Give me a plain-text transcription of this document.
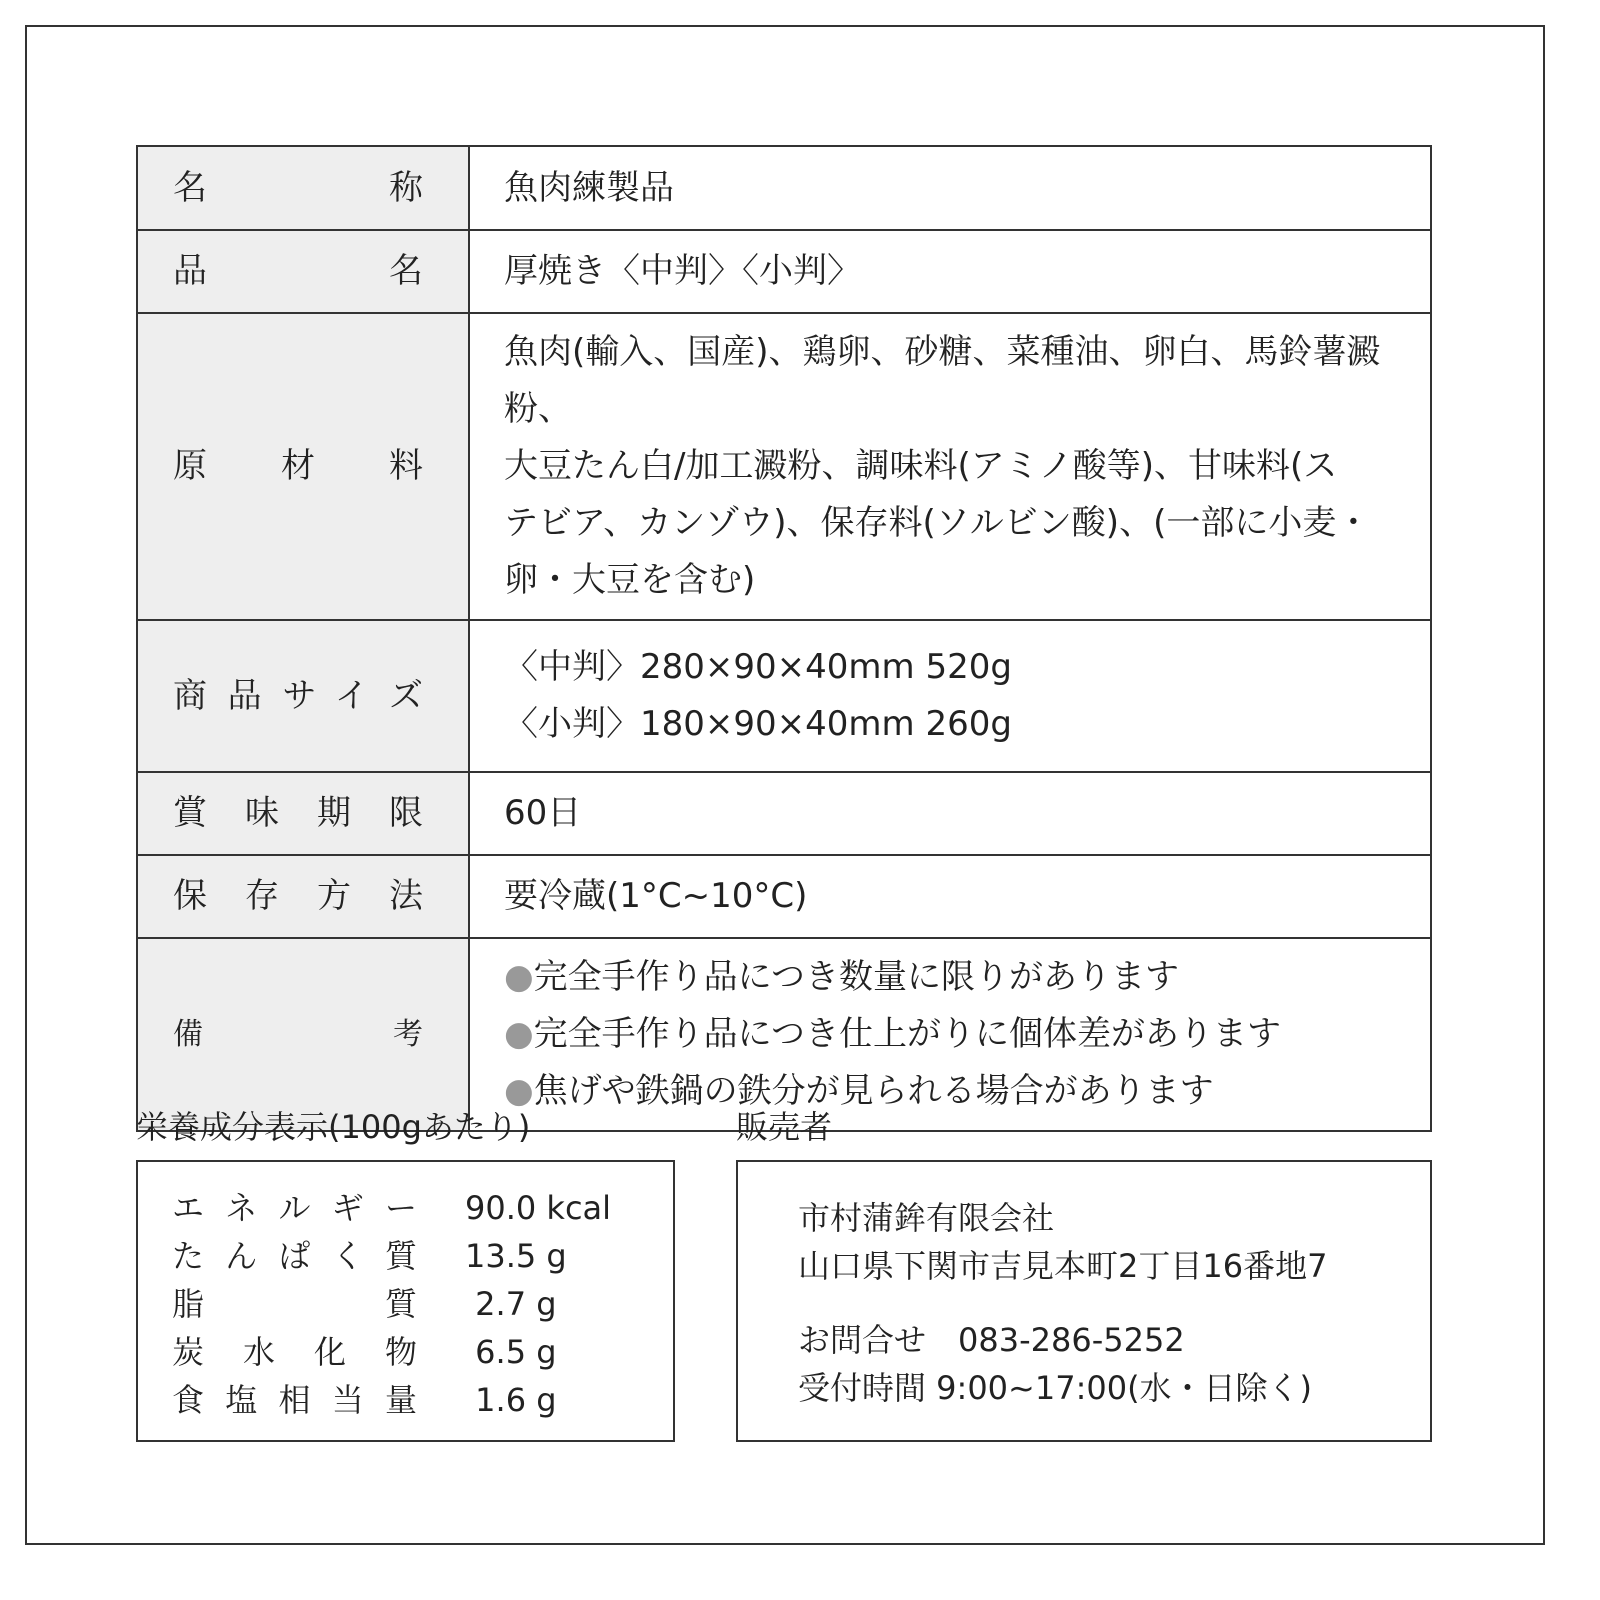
名称	魚肉練製品

品名	厚焼き〈中判〉〈小判〉

原材料	魚肉(輸入、国産)、鶏卵、砂糖、菜種油、卵白、馬鈴薯澱粉、
大豆たん白/加工澱粉、調味料(アミノ酸等)、甘味料(ス
テビア、カンゾウ)、保存料(ソルビン酸)、(一部に小麦・
卵・大豆を含む)

商品サイズ	〈中判〉280×90×40mm 520g
〈小判〉180×90×40mm 260g

賞味期限	60日

保存方法	要冷蔵(1°C~10°C)

備考	●完全手作り品につき数量に限りがあります
●完全手作り品につき仕上がりに個体差があります
●焦げや鉄鍋の鉄分が見られる場合があります
栄養成分表示(100gあたり)
エネルギー 90.0 kcal
たんぱく質 13.5 g
脂質 2.7 g
炭水化物 6.5 g
食塩相当量 1.6 g
販売者
市村蒲鉾有限会社
山口県下関市吉見本町2丁目16番地7
お問合せ　083-286-5252
受付時間 9:00~17:00(水・日除く)
